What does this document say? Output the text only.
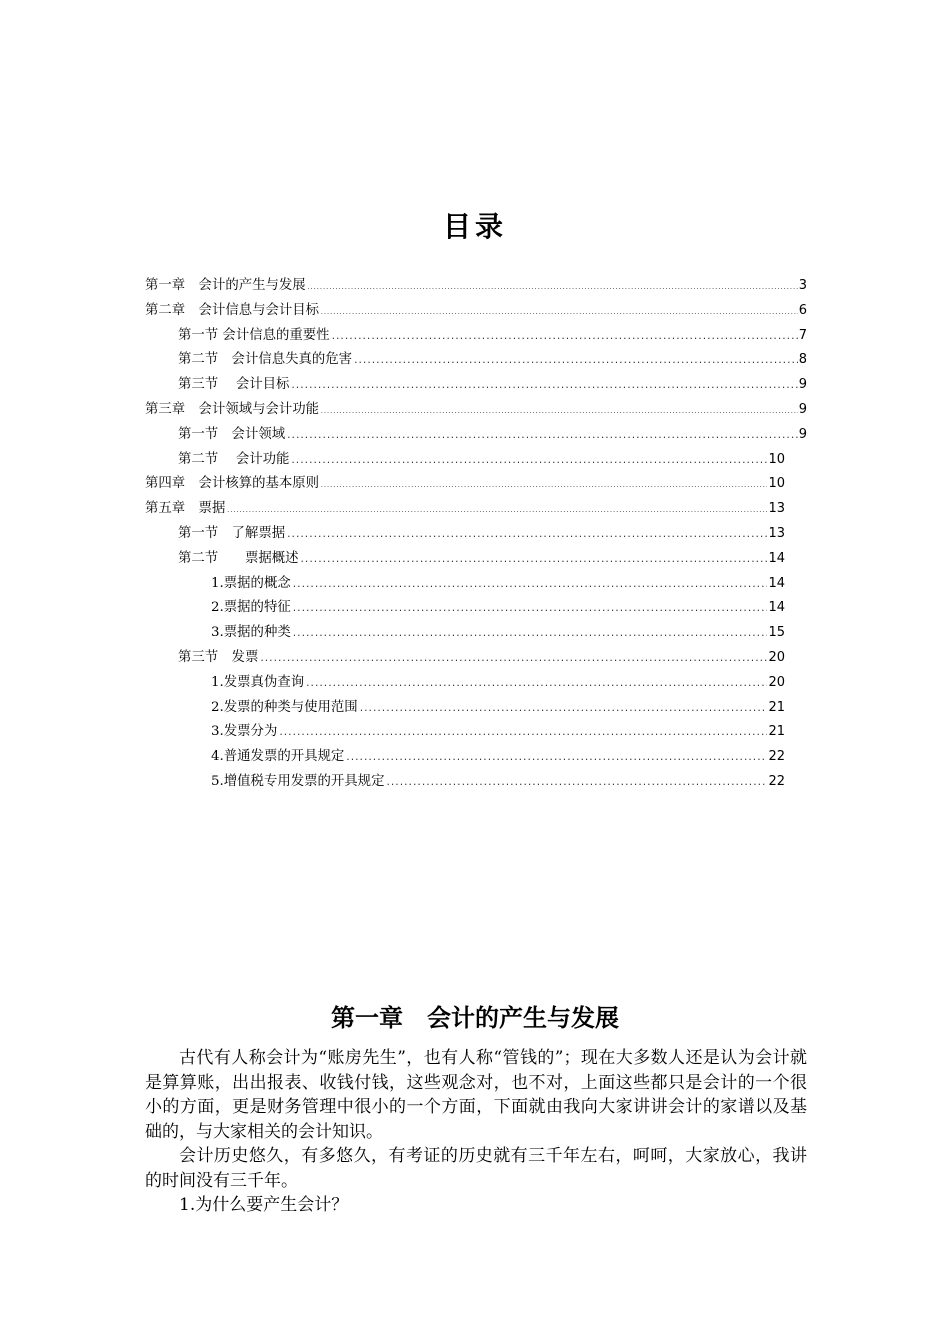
目录
第一章　会计的产生与发展 .....	3
第二章　会计信息与会计目标 .....	6
第一节 会计信息的重要性 .....	7
第二节　会计信息失真的危害 .....	8
第三节　 会计目标 .....	9
第三章　会计领域与会计功能 .....	9
第一节　会计领域 .....	9
第二节　 会计功能 .....	10
第四章　会计核算的基本原则 .....	10
第五章　票据 .....	13
第一节　了解票据 .....	13
第二节　　票据概述 .....	14
1.票据的概念 .....	14
2.票据的特征 .....	14
3.票据的种类 .....	15
第三节　发票 .....	20
1.发票真伪查询 .....	20
2.发票的种类与使用范围 .....	21
3.发票分为 .....	21
4.普通发票的开具规定 .....	22
5.增值税专用发票的开具规定 .....	22
第一章　会计的产生与发展

古代有人称会计为“账房先生”，也有人称“管钱的”；现在大多数人还是认为会计就是算算账，出出报表、收钱付钱，这些观念对，也不对，上面这些都只是会计的一个很小的方面，更是财务管理中很小的一个方面，下面就由我向大家讲讲会计的家谱以及基础的，与大家相关的会计知识。

会计历史悠久，有多悠久，有考证的历史就有三千年左右，呵呵，大家放心，我讲的时间没有三千年。

1.为什么要产生会计？
